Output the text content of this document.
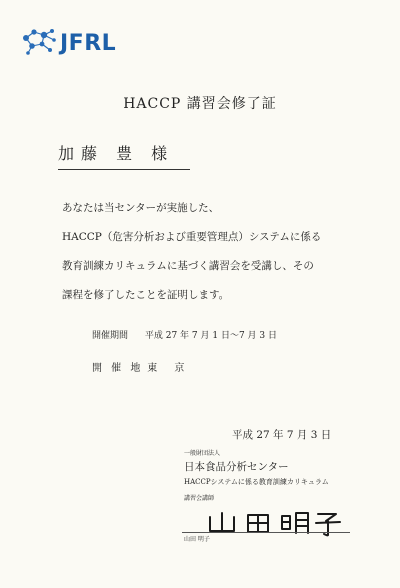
JFRL
HACCP 講習会修了証
加藤 豊 様
あなたは当センターが実施した、
HACCP（危害分析および重要管理点）システムに係る
教育訓練カリキュラムに基づく講習会を受講し、その
課程を修了したことを証明します。
開催期間 平成 27 年 7 月 1 日〜7 月 3 日
開 催 地 東 京
平成 27 年 7 月 3 日
一般財団法人
日本食品分析センター
HACCPシステムに係る教育訓練カリキュラム
講習会講師
山田 明子
